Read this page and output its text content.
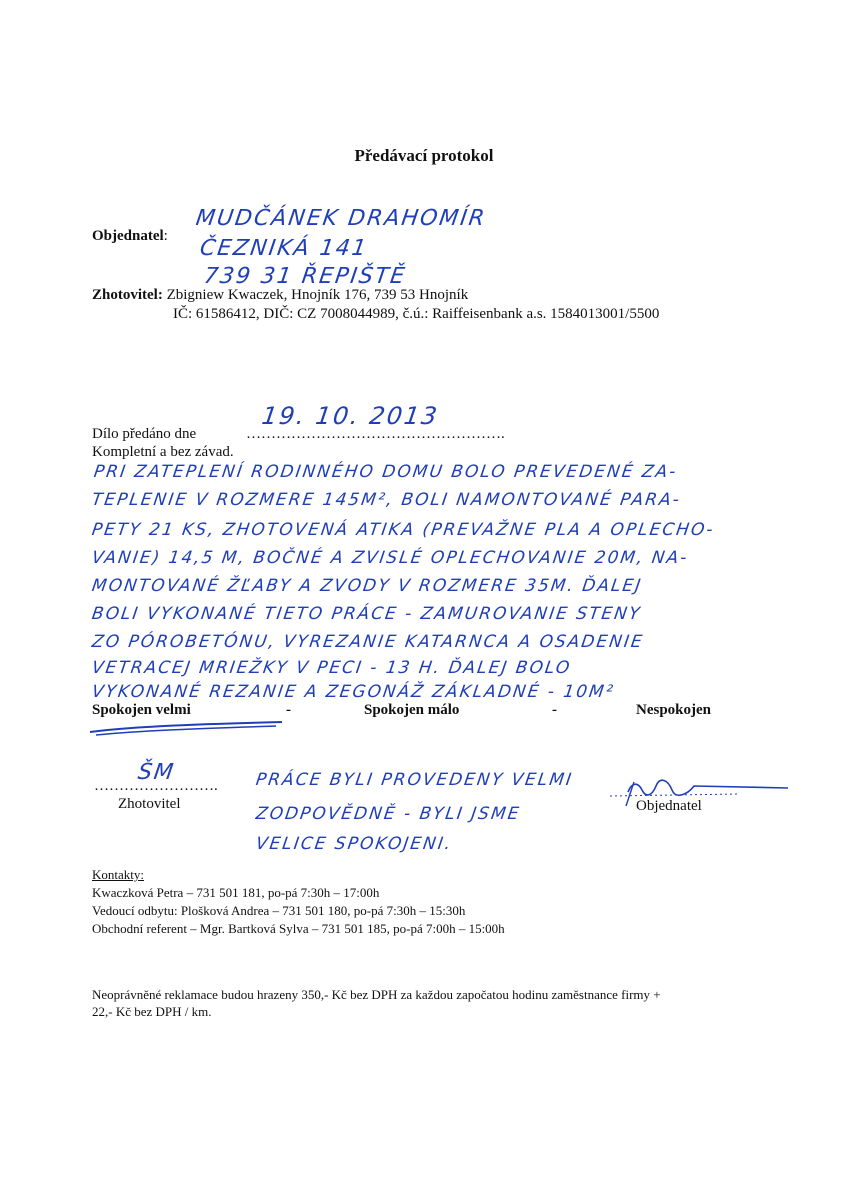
Předávací protokol
Objednatel:
MUDČÁNEK DRAHOMÍR
ČEZNIKÁ 141
739 31 ŘEPIŠTĚ
Zhotovitel: Zbigniew Kwaczek, Hnojník 176, 739 53 Hnojník
IČ: 61586412, DIČ: CZ 7008044989, č.ú.: Raiffeisenbank a.s. 1584013001/5500
Dílo předáno dne	…………………………………………….
19. 10. 2013
Kompletní a bez závad.
PRI ZATEPLENÍ RODINNÉHO DOMU BOLO PREVEDENÉ ZA-
TEPLENIE V ROZMERE 145M², BOLI NAMONTOVANÉ PARA-
PETY 21 KS, ZHOTOVENÁ ATIKA (PREVAŽNE PLA A OPLECHO-
VANIE) 14,5 M, BOČNÉ A ZVISLÉ OPLECHOVANIE 20M, NA-
MONTOVANÉ ŽĽABY A ZVODY V ROZMERE 35M. ĎALEJ
BOLI VYKONANÉ TIETO PRÁCE - ZAMUROVANIE STENY
ZO PÓROBETÓNU, VYREZANIE KATARNCA A OSADENIE
VETRACEJ MRIEŽKY V PECI - 13 H. ĎALEJ BOLO
VYKONANÉ REZANIE A ZEGONÁŽ ZÁKLADNÉ - 10M²
Spokojen velmi	-	Spokojen málo	-	Nespokojen
…………………….
ŠM
Zhotovitel	Objednatel
PRÁCE BYLI PROVEDENY VELMI
ZODPOVĚDNĚ - BYLI JSME
VELICE SPOKOJENI.
Kontakty:
Kwaczková Petra – 731 501 181, po-pá 7:30h – 17:00h
Vedoucí odbytu: Plošková Andrea – 731 501 180, po-pá 7:30h – 15:30h
Obchodní referent – Mgr. Bartková Sylva – 731 501 185, po-pá 7:00h – 15:00h
Neoprávněné reklamace budou hrazeny 350,- Kč bez DPH za každou započatou hodinu zaměstnance firmy +
22,- Kč bez DPH / km.
